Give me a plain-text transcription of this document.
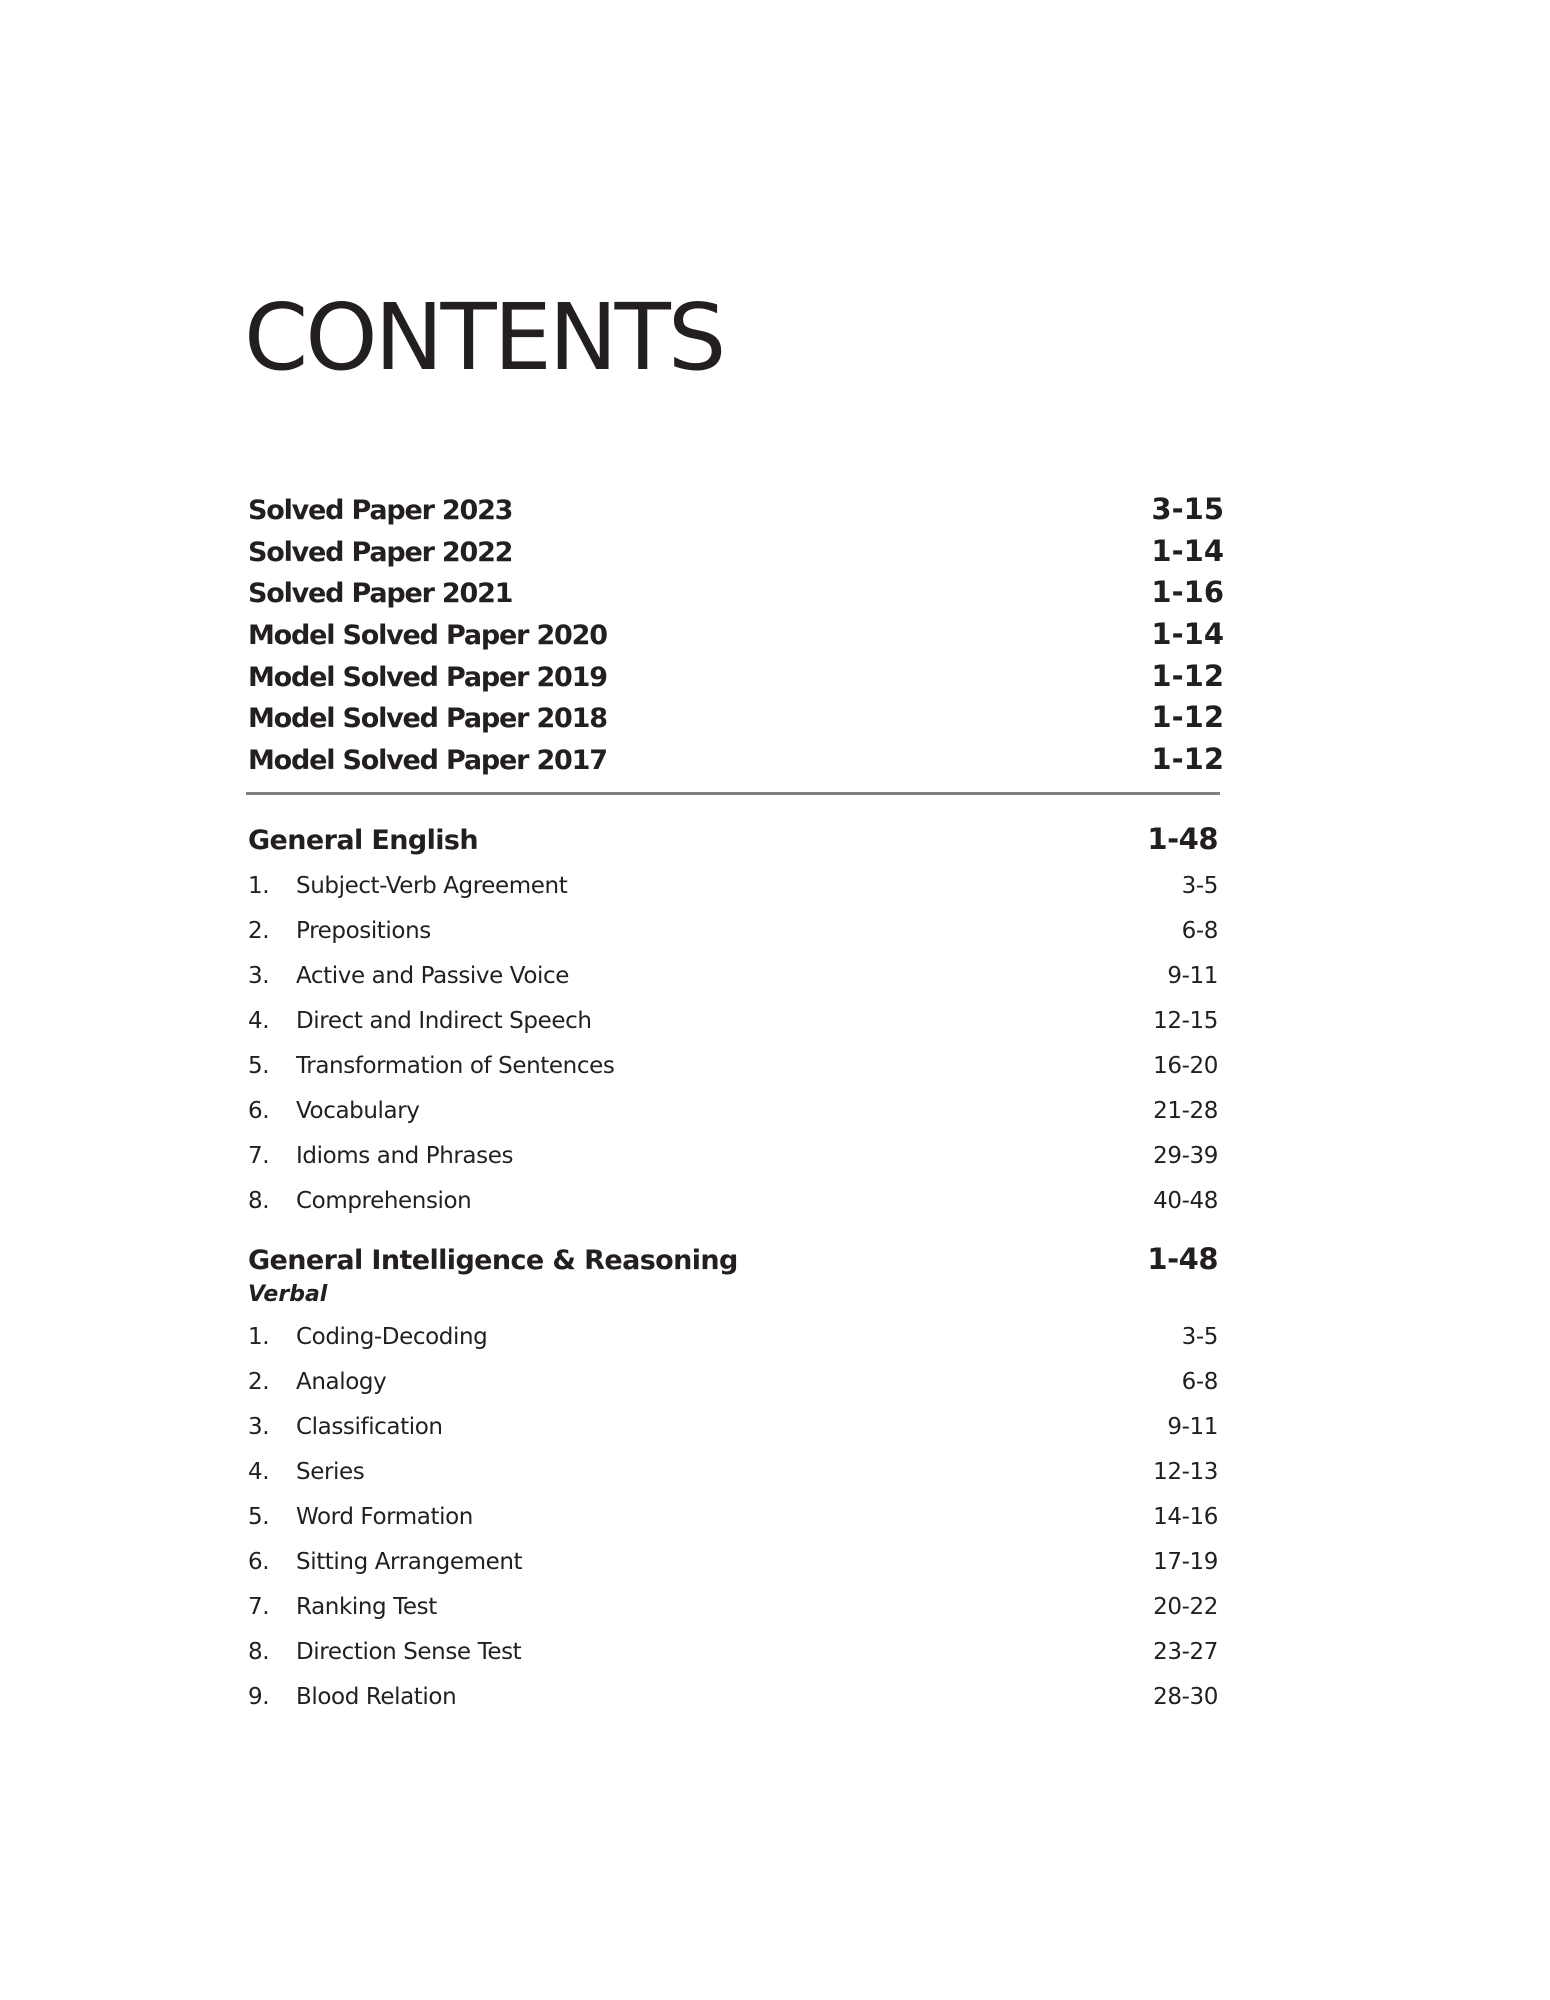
CONTENTS
Solved Paper 2023	3-15
Solved Paper 2022	1-14
Solved Paper 2021	1-16
Model Solved Paper 2020	1-14
Model Solved Paper 2019	1-12
Model Solved Paper 2018	1-12
Model Solved Paper 2017	1-12
General English	1-48
1.	Subject-Verb Agreement	3-5
2.	Prepositions	6-8
3.	Active and Passive Voice	9-11
4.	Direct and Indirect Speech	12-15
5.	Transformation of Sentences	16-20
6.	Vocabulary	21-28
7.	Idioms and Phrases	29-39
8.	Comprehension	40-48
General Intelligence & Reasoning	1-48
Verbal
1.	Coding-Decoding	3-5
2.	Analogy	6-8
3.	Classification	9-11
4.	Series	12-13
5.	Word Formation	14-16
6.	Sitting Arrangement	17-19
7.	Ranking Test	20-22
8.	Direction Sense Test	23-27
9.	Blood Relation	28-30
